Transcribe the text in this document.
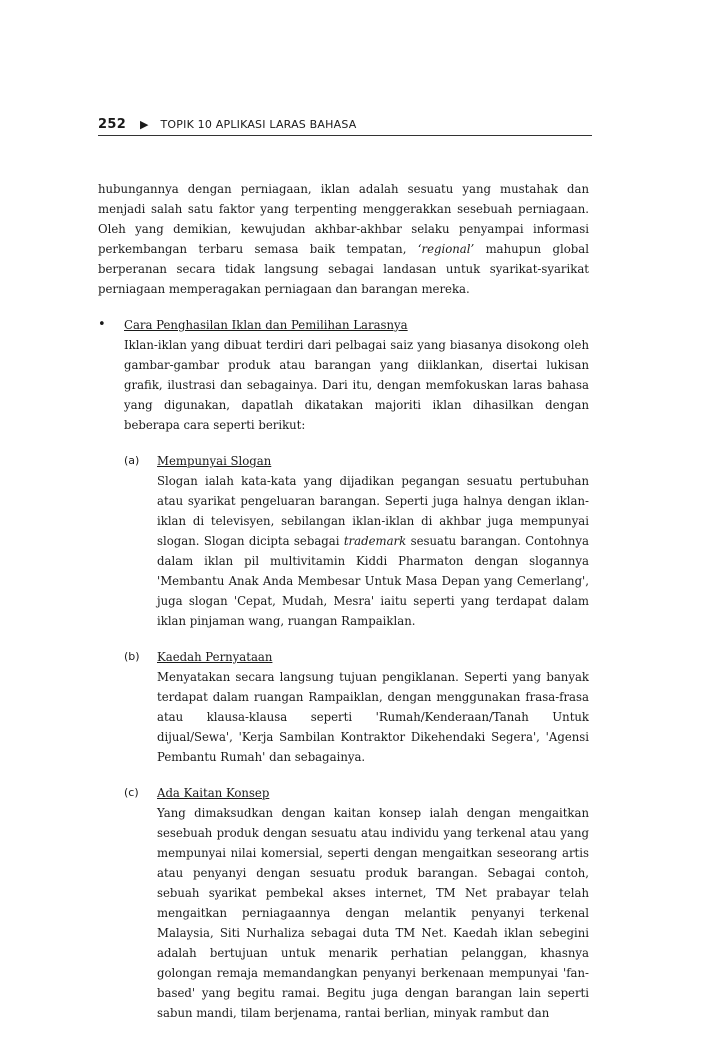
252 ▶ TOPIK 10 APLIKASI LARAS BAHASA

hubungannya dengan perniagaan, iklan adalah sesuatu yang mustahak dan menjadi salah satu faktor yang terpenting menggerakkan sesebuah perniagaan. Oleh yang demikian, kewujudan akhbar-akhbar selaku penyampai informasi perkembangan terbaru semasa baik tempatan, ‘regional’ mahupun global berperanan secara tidak langsung sebagai landasan untuk syarikat-syarikat perniagaan memperagakan perniagaan dan barangan mereka.

•	Cara Penghasilan Iklan dan Pemilihan Larasnya

Iklan-iklan yang dibuat terdiri dari pelbagai saiz yang biasanya disokong oleh gambar-gambar produk atau barangan yang diiklankan, disertai lukisan grafik, ilustrasi dan sebagainya. Dari itu, dengan memfokuskan laras bahasa yang digunakan, dapatlah dikatakan majoriti iklan dihasilkan dengan beberapa cara seperti berikut:

(a)	Mempunyai Slogan

Slogan ialah kata-kata yang dijadikan pegangan sesuatu pertubuhan atau syarikat pengeluaran barangan. Seperti juga halnya dengan iklan-iklan di televisyen, sebilangan iklan-iklan di akhbar juga mempunyai slogan. Slogan dicipta sebagai trademark sesuatu barangan. Contohnya dalam iklan pil multivitamin Kiddi Pharmaton dengan slogannya 'Membantu Anak Anda Membesar Untuk Masa Depan yang Cemerlang', juga slogan 'Cepat, Mudah, Mesra' iaitu seperti yang terdapat dalam iklan pinjaman wang, ruangan Rampaiklan.

(b)	Kaedah Pernyataan

Menyatakan secara langsung tujuan pengiklanan. Seperti yang banyak terdapat dalam ruangan Rampaiklan, dengan menggunakan frasa-frasa atau klausa-klausa seperti 'Rumah/Kenderaan/Tanah Untuk dijual/Sewa', 'Kerja Sambilan Kontraktor Dikehendaki Segera', 'Agensi Pembantu Rumah' dan sebagainya.

(c)	Ada Kaitan Konsep

Yang dimaksudkan dengan kaitan konsep ialah dengan mengaitkan sesebuah produk dengan sesuatu atau individu yang terkenal atau yang mempunyai nilai komersial, seperti dengan mengaitkan seseorang artis atau penyanyi dengan sesuatu produk barangan. Sebagai contoh, sebuah syarikat pembekal akses internet, TM Net prabayar telah mengaitkan perniagaannya dengan melantik penyanyi terkenal Malaysia, Siti Nurhaliza sebagai duta TM Net. Kaedah iklan sebegini adalah bertujuan untuk menarik perhatian pelanggan, khasnya golongan remaja memandangkan penyanyi berkenaan mempunyai 'fan-based' yang begitu ramai. Begitu juga dengan barangan lain seperti sabun mandi, tilam berjenama, rantai berlian, minyak rambut dan
